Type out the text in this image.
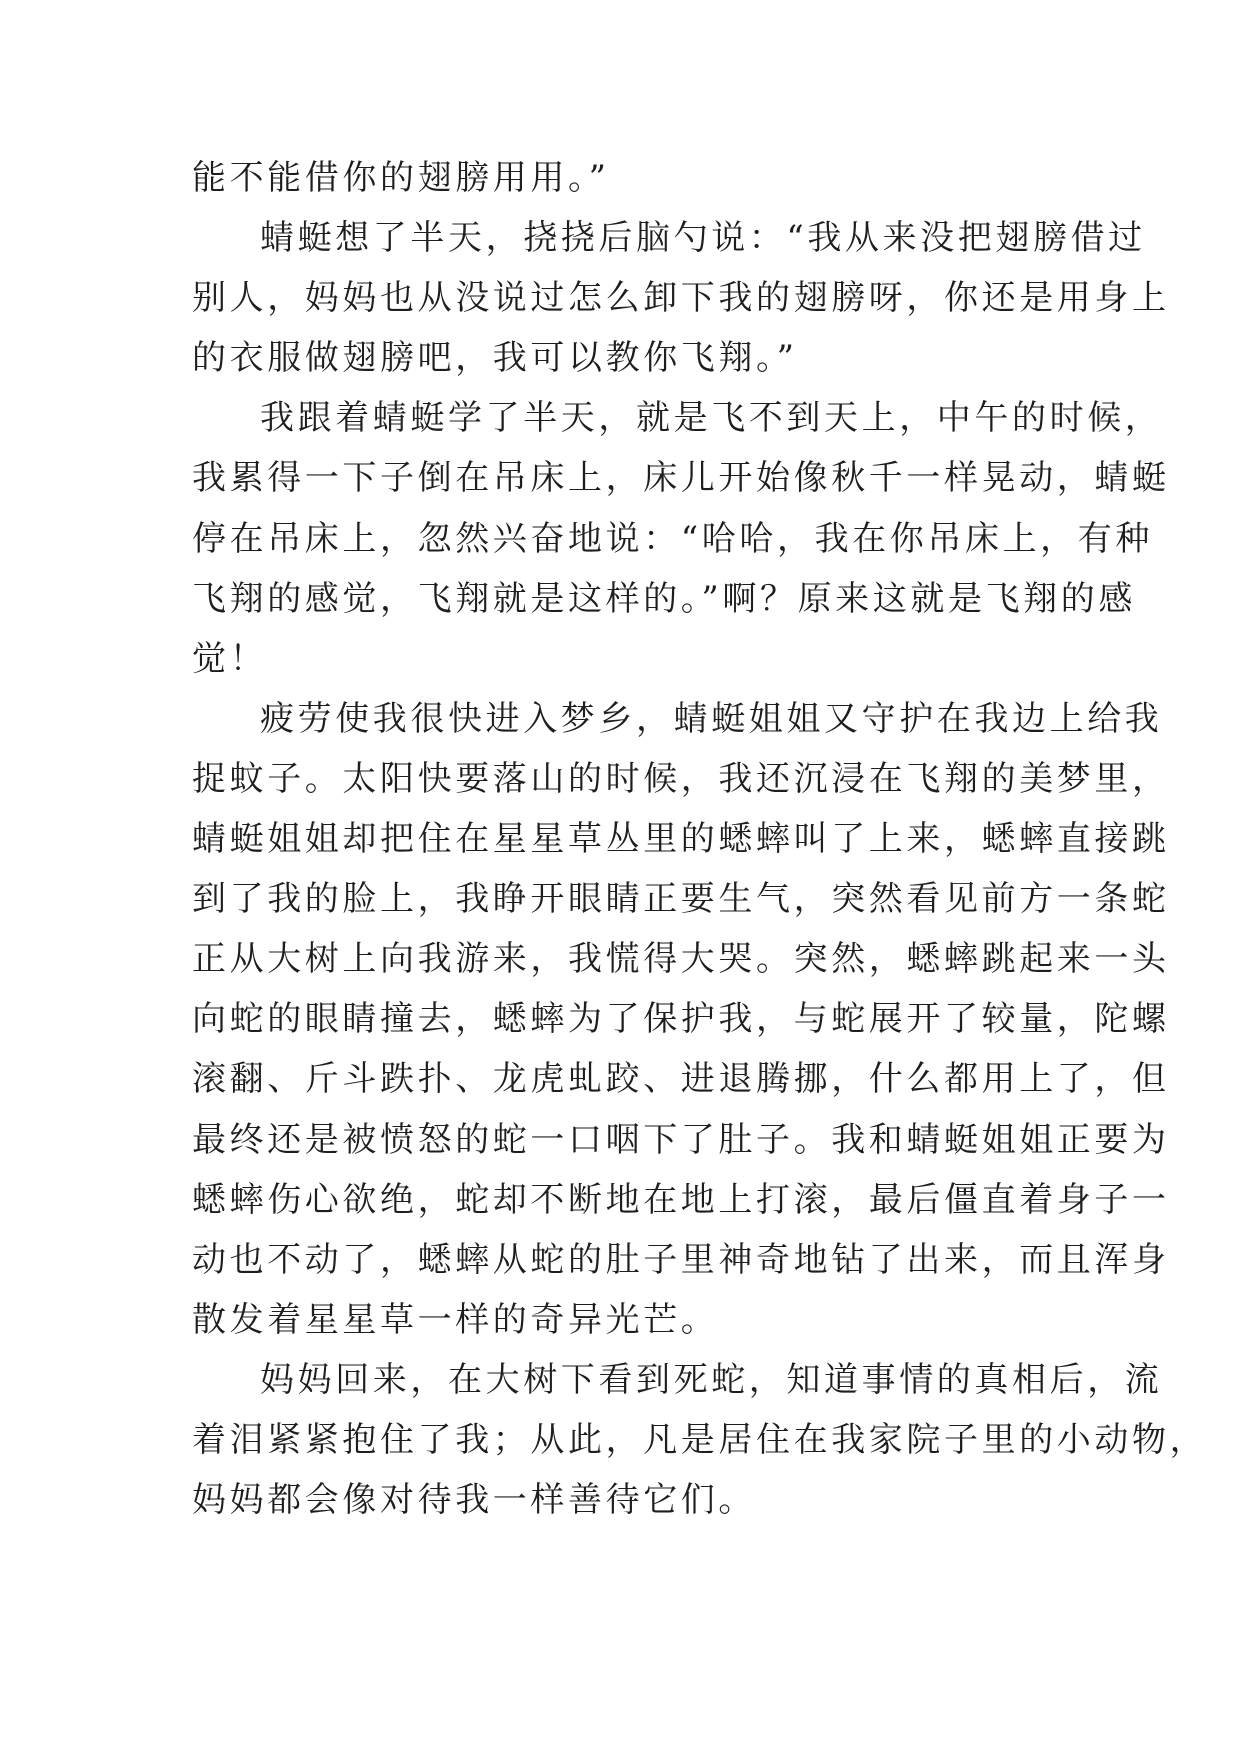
能不能借你的翅膀用用。”
蜻蜓想了半天，挠挠后脑勺说：“我从来没把翅膀借过
别人，妈妈也从没说过怎么卸下我的翅膀呀，你还是用身上
的衣服做翅膀吧，我可以教你飞翔。”
我跟着蜻蜓学了半天，就是飞不到天上，中午的时候，
我累得一下子倒在吊床上，床儿开始像秋千一样晃动，蜻蜓
停在吊床上，忽然兴奋地说：“哈哈，我在你吊床上，有种
飞翔的感觉，飞翔就是这样的。”啊？原来这就是飞翔的感
觉！
疲劳使我很快进入梦乡，蜻蜓姐姐又守护在我边上给我
捉蚊子。太阳快要落山的时候，我还沉浸在飞翔的美梦里，
蜻蜓姐姐却把住在星星草丛里的蟋蟀叫了上来，蟋蟀直接跳
到了我的脸上，我睁开眼睛正要生气，突然看见前方一条蛇
正从大树上向我游来，我慌得大哭。突然，蟋蟀跳起来一头
向蛇的眼睛撞去，蟋蟀为了保护我，与蛇展开了较量，陀螺
滚翻、斤斗跌扑、龙虎虬跤、进退腾挪，什么都用上了，但
最终还是被愤怒的蛇一口咽下了肚子。我和蜻蜓姐姐正要为
蟋蟀伤心欲绝，蛇却不断地在地上打滚，最后僵直着身子一
动也不动了，蟋蟀从蛇的肚子里神奇地钻了出来，而且浑身
散发着星星草一样的奇异光芒。
妈妈回来，在大树下看到死蛇，知道事情的真相后，流
着泪紧紧抱住了我；从此，凡是居住在我家院子里的小动物，
妈妈都会像对待我一样善待它们。
